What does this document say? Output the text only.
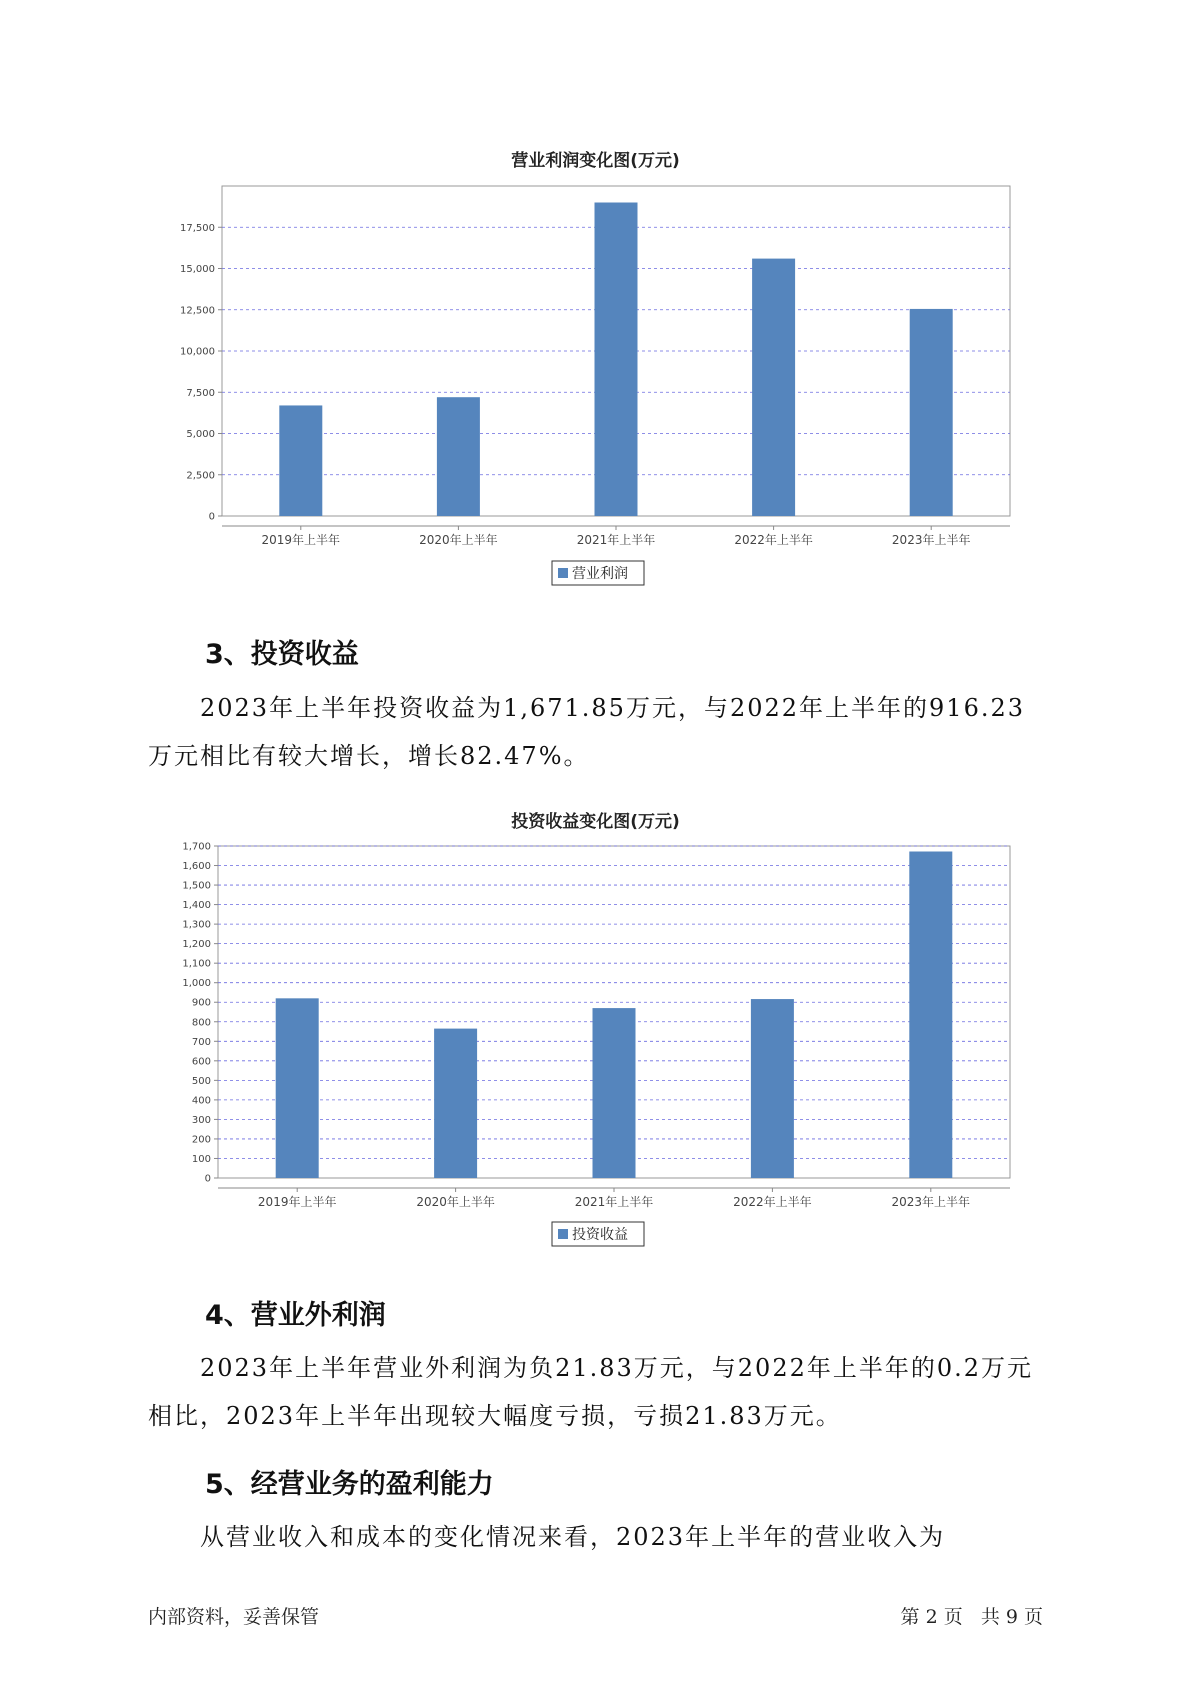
营业利润变化图(万元)
0
2,500
5,000
7,500
10,000
12,500
15,000
17,500
2019年上半年	2020年上半年	2021年上半年	2022年上半年	2023年上半年
营业利润
3、投资收益

2023年上半年投资收益为1,671.85万元，与2022年上半年的916.23万元相比有较大增长，增长82.47%。

投资收益变化图(万元)
0
100
200
300
400
500
600
700
800
900
1,000
1,100
1,200
1,300
1,400
1,500
1,600
1,700
2019年上半年	2020年上半年	2021年上半年	2022年上半年	2023年上半年
投资收益
4、营业外利润

2023年上半年营业外利润为负21.83万元，与2022年上半年的0.2万元相比，2023年上半年出现较大幅度亏损，亏损21.83万元。

5、经营业务的盈利能力

从营业收入和成本的变化情况来看，2023年上半年的营业收入为

内部资料，妥善保管	第 2 页   共 9 页
